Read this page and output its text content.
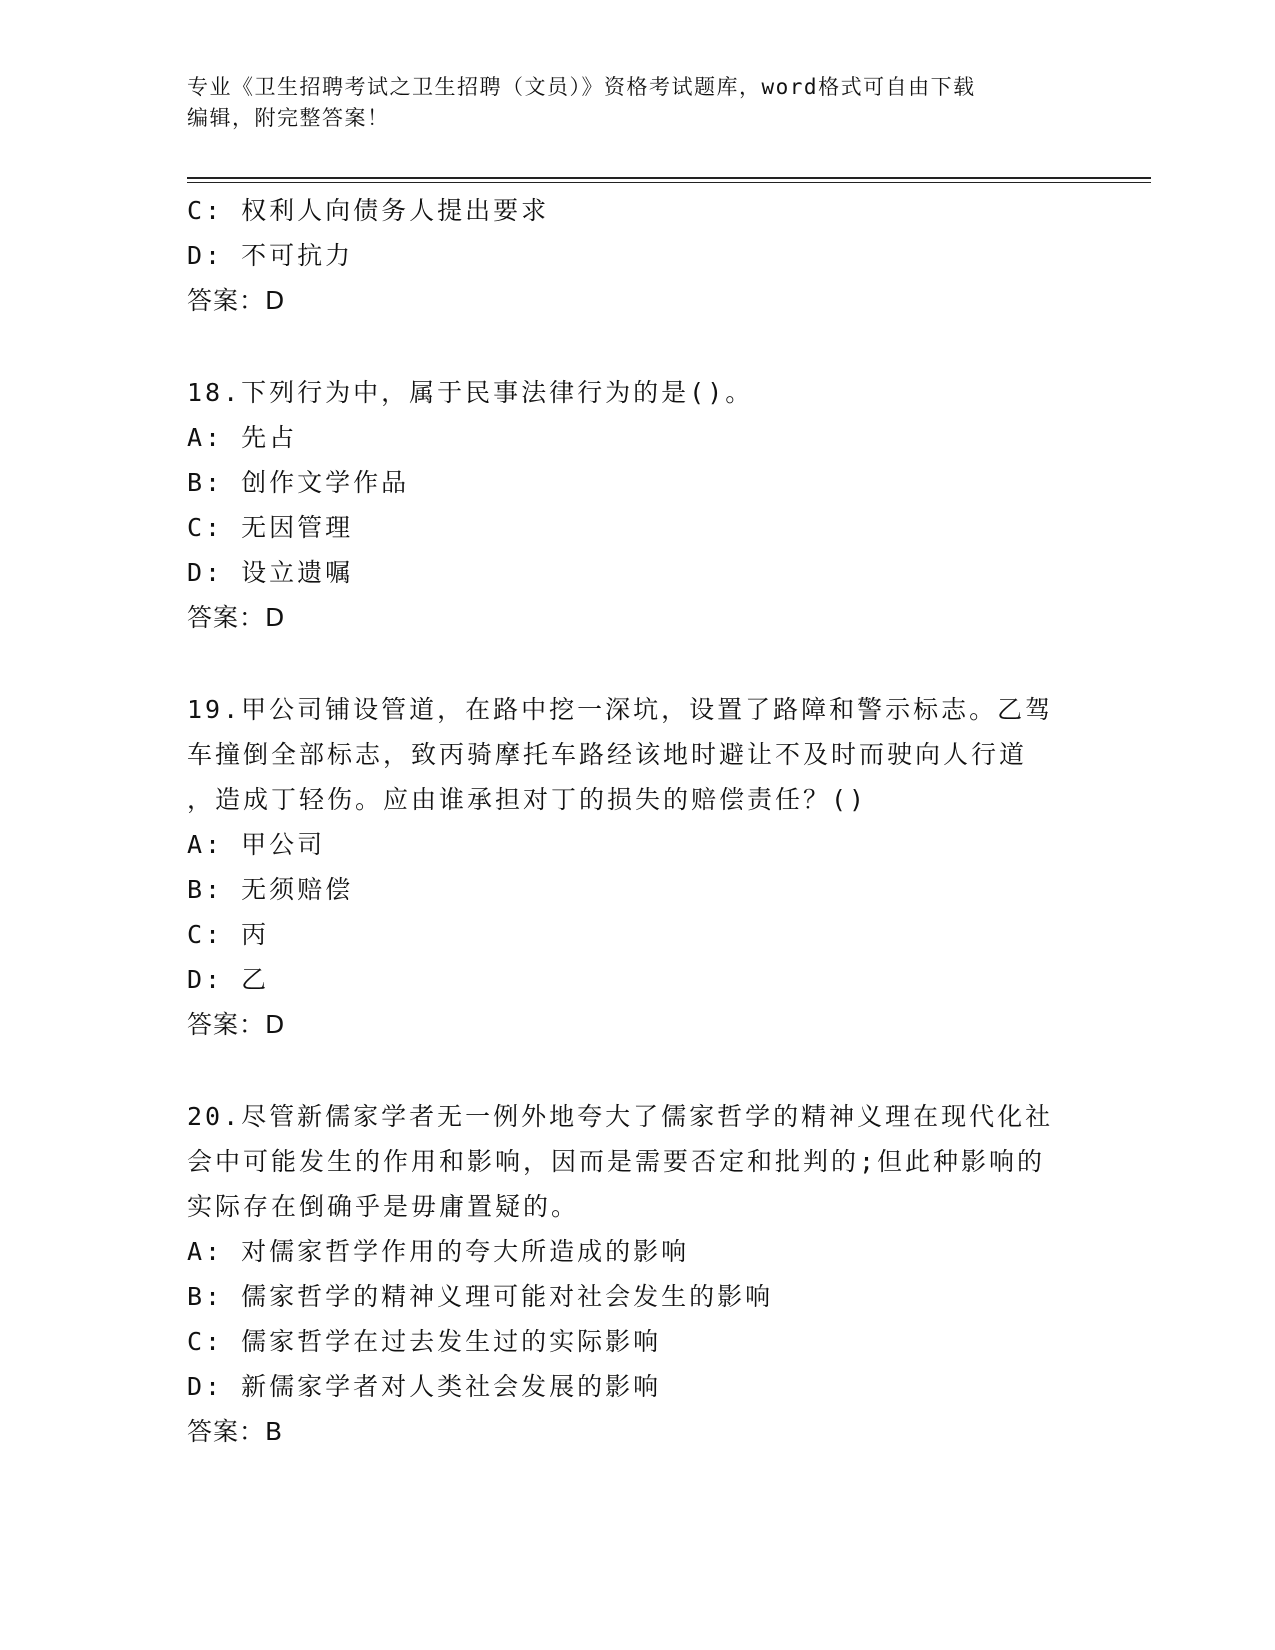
专业《卫生招聘考试之卫生招聘（文员）》资格考试题库，word格式可自由下载
编辑，附完整答案！
C: 权利人向债务人提出要求
D: 不可抗力
答案：D
18.下列行为中，属于民事法律行为的是()。
A: 先占
B: 创作文学作品
C: 无因管理
D: 设立遗嘱
答案：D
19.甲公司铺设管道，在路中挖一深坑，设置了路障和警示标志。乙驾
车撞倒全部标志，致丙骑摩托车路经该地时避让不及时而驶向人行道
，造成丁轻伤。应由谁承担对丁的损失的赔偿责任？()
A: 甲公司
B: 无须赔偿
C: 丙
D: 乙
答案：D
20.尽管新儒家学者无一例外地夸大了儒家哲学的精神义理在现代化社
会中可能发生的作用和影响，因而是需要否定和批判的;但此种影响的
实际存在倒确乎是毋庸置疑的。
A: 对儒家哲学作用的夸大所造成的影响
B: 儒家哲学的精神义理可能对社会发生的影响
C: 儒家哲学在过去发生过的实际影响
D: 新儒家学者对人类社会发展的影响
答案：B
